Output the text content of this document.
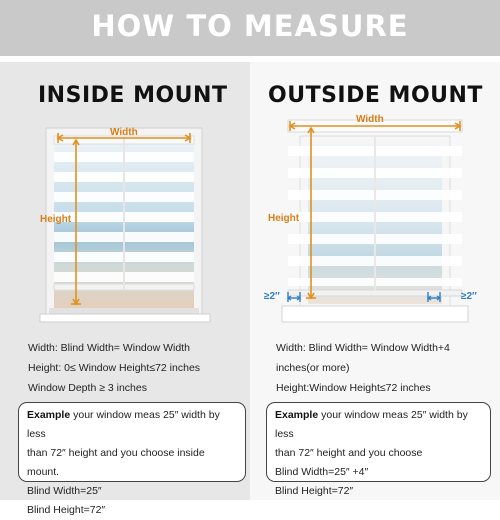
HOW TO MEASURE
INSIDE MOUNT OUTSIDE MOUNT
Width
Height
Width
Height
≥2″	≥2″
Width: Blind Width= Window Width
Height: 0≤ Window Height≤72 inches
Window Depth ≥ 3 inches
Width: Blind Width= Window Width+4
inches(or more)
Height:Window Height≤72 inches
Example your window meas 25″ width by less
than 72″ height and you choose inside mount.
Blind Width=25″
Blind Height=72″
Example your window meas 25″ width by less
than 72″ height and you choose
Blind Width=25″ +4″
Blind Height=72″
